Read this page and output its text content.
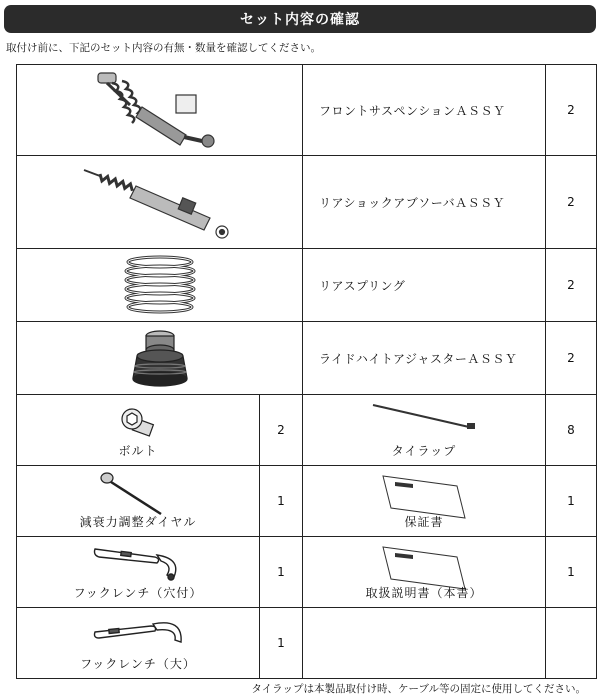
セット内容の確認
取付け前に、下記のセット内容の有無・数量を確認してください。
	フロントサスペンションＡＳＳＹ	2

	リアショックアブソーバＡＳＳＹ	2

	リアスプリング	2

	ライドハイトアジャスターＡＳＳＹ	2

ボルト	2	タイラップ	8

減衰力調整ダイヤル	1	保証書	1

フックレンチ（穴付）	1	取扱説明書（本書）	1

フックレンチ（大）	1		
タイラップは本製品取付け時、ケーブル等の固定に使用してください。
